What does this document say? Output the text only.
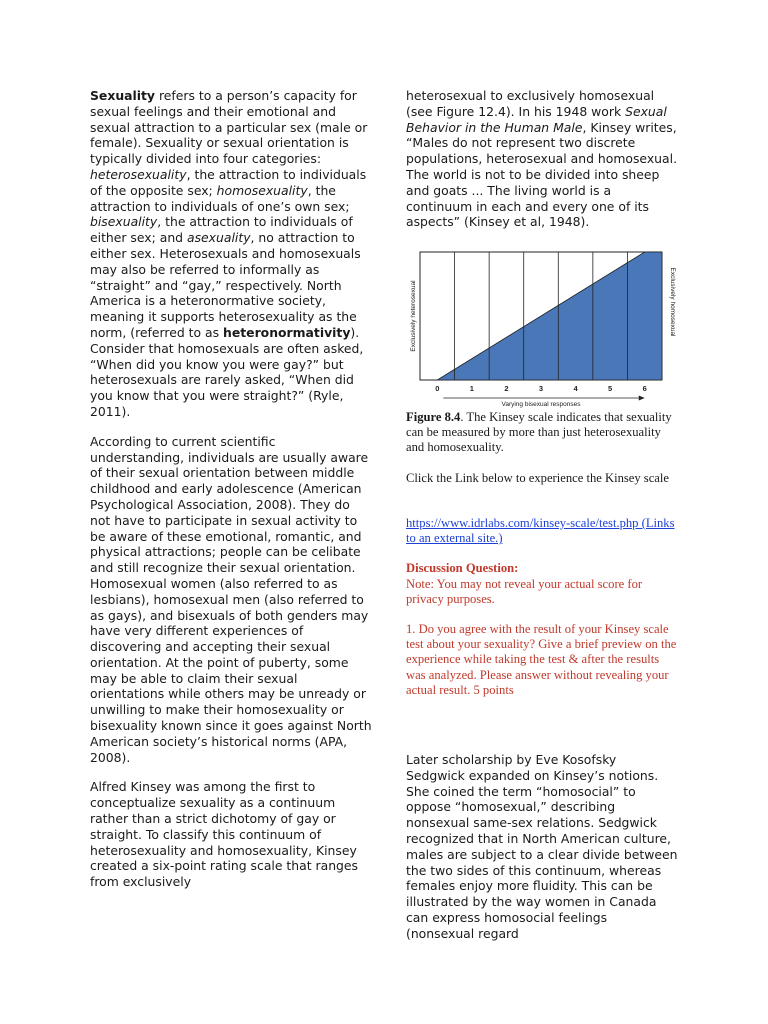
Sexuality refers to a person’s capacity for sexual feelings and their emotional and sexual attraction to a particular sex (male or female). Sexuality or sexual orientation is typically divided into four categories: heterosexuality, the attraction to individuals of the opposite sex; homosexuality, the attraction to individuals of one’s own sex; bisexuality, the attraction to individuals of either sex; and asexuality, no attraction to either sex. Heterosexuals and homosexuals may also be referred to informally as “straight” and “gay,” respectively. North America is a heteronormative society, meaning it supports heterosexuality as the norm, (referred to as heteronormativity). Consider that homosexuals are often asked, “When did you know you were gay?” but heterosexuals are rarely asked, “When did you know that you were straight?” (Ryle, 2011).

According to current scientific understanding, individuals are usually aware of their sexual orientation between middle childhood and early adolescence (American Psychological Association, 2008). They do not have to participate in sexual activity to be aware of these emotional, romantic, and physical attractions; people can be celibate and still recognize their sexual orientation. Homosexual women (also referred to as lesbians), homosexual men (also referred to as gays), and bisexuals of both genders may have very different experiences of discovering and accepting their sexual orientation. At the point of puberty, some may be able to claim their sexual orientations while others may be unready or unwilling to make their homosexuality or bisexuality known since it goes against North American society’s historical norms (APA, 2008).

Alfred Kinsey was among the first to conceptualize sexuality as a continuum rather than a strict dichotomy of gay or straight. To classify this continuum of heterosexuality and homosexuality, Kinsey created a six-point rating scale that ranges from exclusively

heterosexual to exclusively homosexual (see Figure 12.4). In his 1948 work Sexual Behavior in the Human Male, Kinsey writes, “Males do not represent two discrete populations, heterosexual and homosexual. The world is not to be divided into sheep and goats ... The living world is a continuum in each and every one of its aspects” (Kinsey et al, 1948).

0	1	2	3	4	5	6
Varying bisexual responses
Exclusively heterosexual	Exclusively homosexual
Figure 8.4. The Kinsey scale indicates that sexuality can be measured by more than just heterosexuality and homosexuality.
Click the Link below to experience the Kinsey scale
https://www.idrlabs.com/kinsey-scale/test.php (Links to an external site.)
Discussion Question:
Note: You may not reveal your actual score for privacy purposes.
1. Do you agree with the result of your Kinsey scale test about your sexuality? Give a brief preview on the experience while taking the test & after the results was analyzed. Please answer without revealing your actual result. 5 points

Later scholarship by Eve Kosofsky Sedgwick expanded on Kinsey’s notions. She coined the term “homosocial” to oppose “homosexual,” describing nonsexual same-sex relations. Sedgwick recognized that in North American culture, males are subject to a clear divide between the two sides of this continuum, whereas females enjoy more fluidity. This can be illustrated by the way women in Canada can express homosocial feelings (nonsexual regard
